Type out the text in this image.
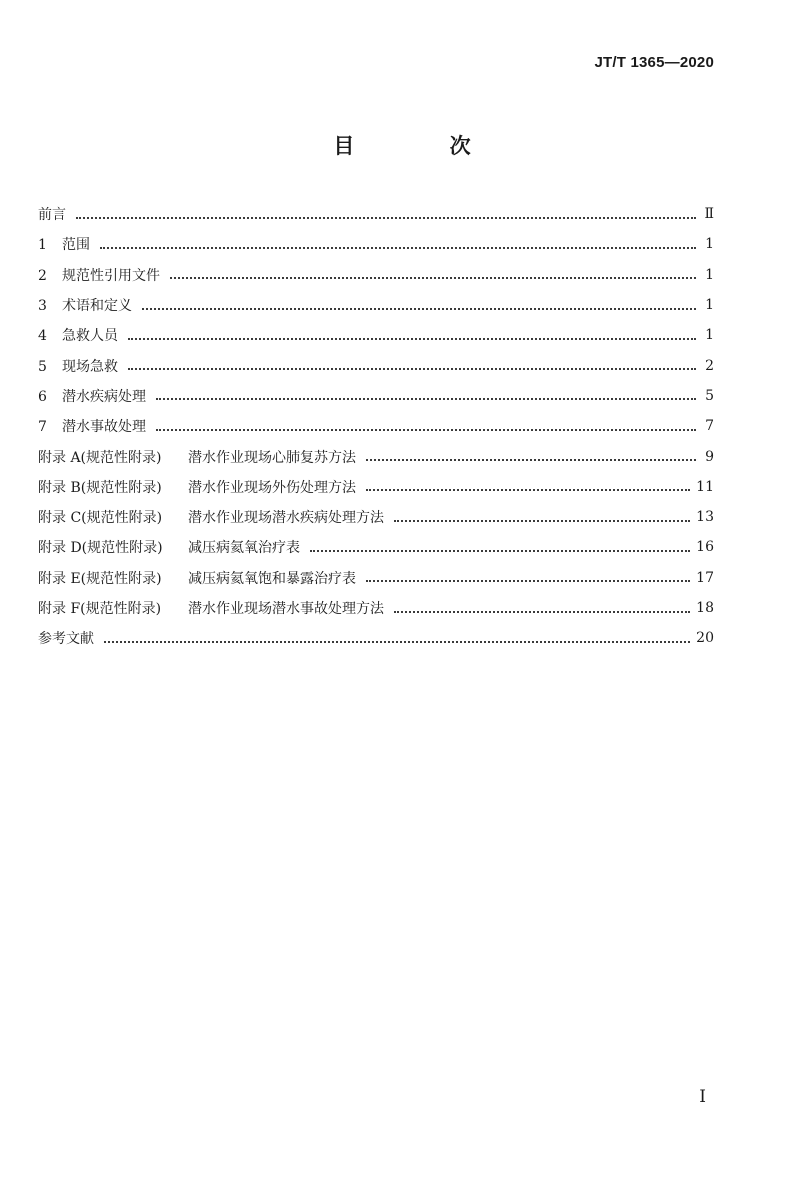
JT/T 1365—2020
目 次
前言	Ⅱ
1 范围	1
2 规范性引用文件	1
3 术语和定义	1
4 急救人员	1
5 现场急救	2
6 潜水疾病处理	5
7 潜水事故处理	7
附录 A(规范性附录) 潜水作业现场心肺复苏方法	9
附录 B(规范性附录) 潜水作业现场外伤处理方法	11
附录 C(规范性附录) 潜水作业现场潜水疾病处理方法	13
附录 D(规范性附录) 减压病氦氧治疗表	16
附录 E(规范性附录) 减压病氦氧饱和暴露治疗表	17
附录 F(规范性附录) 潜水作业现场潜水事故处理方法	18
参考文献	20
I
